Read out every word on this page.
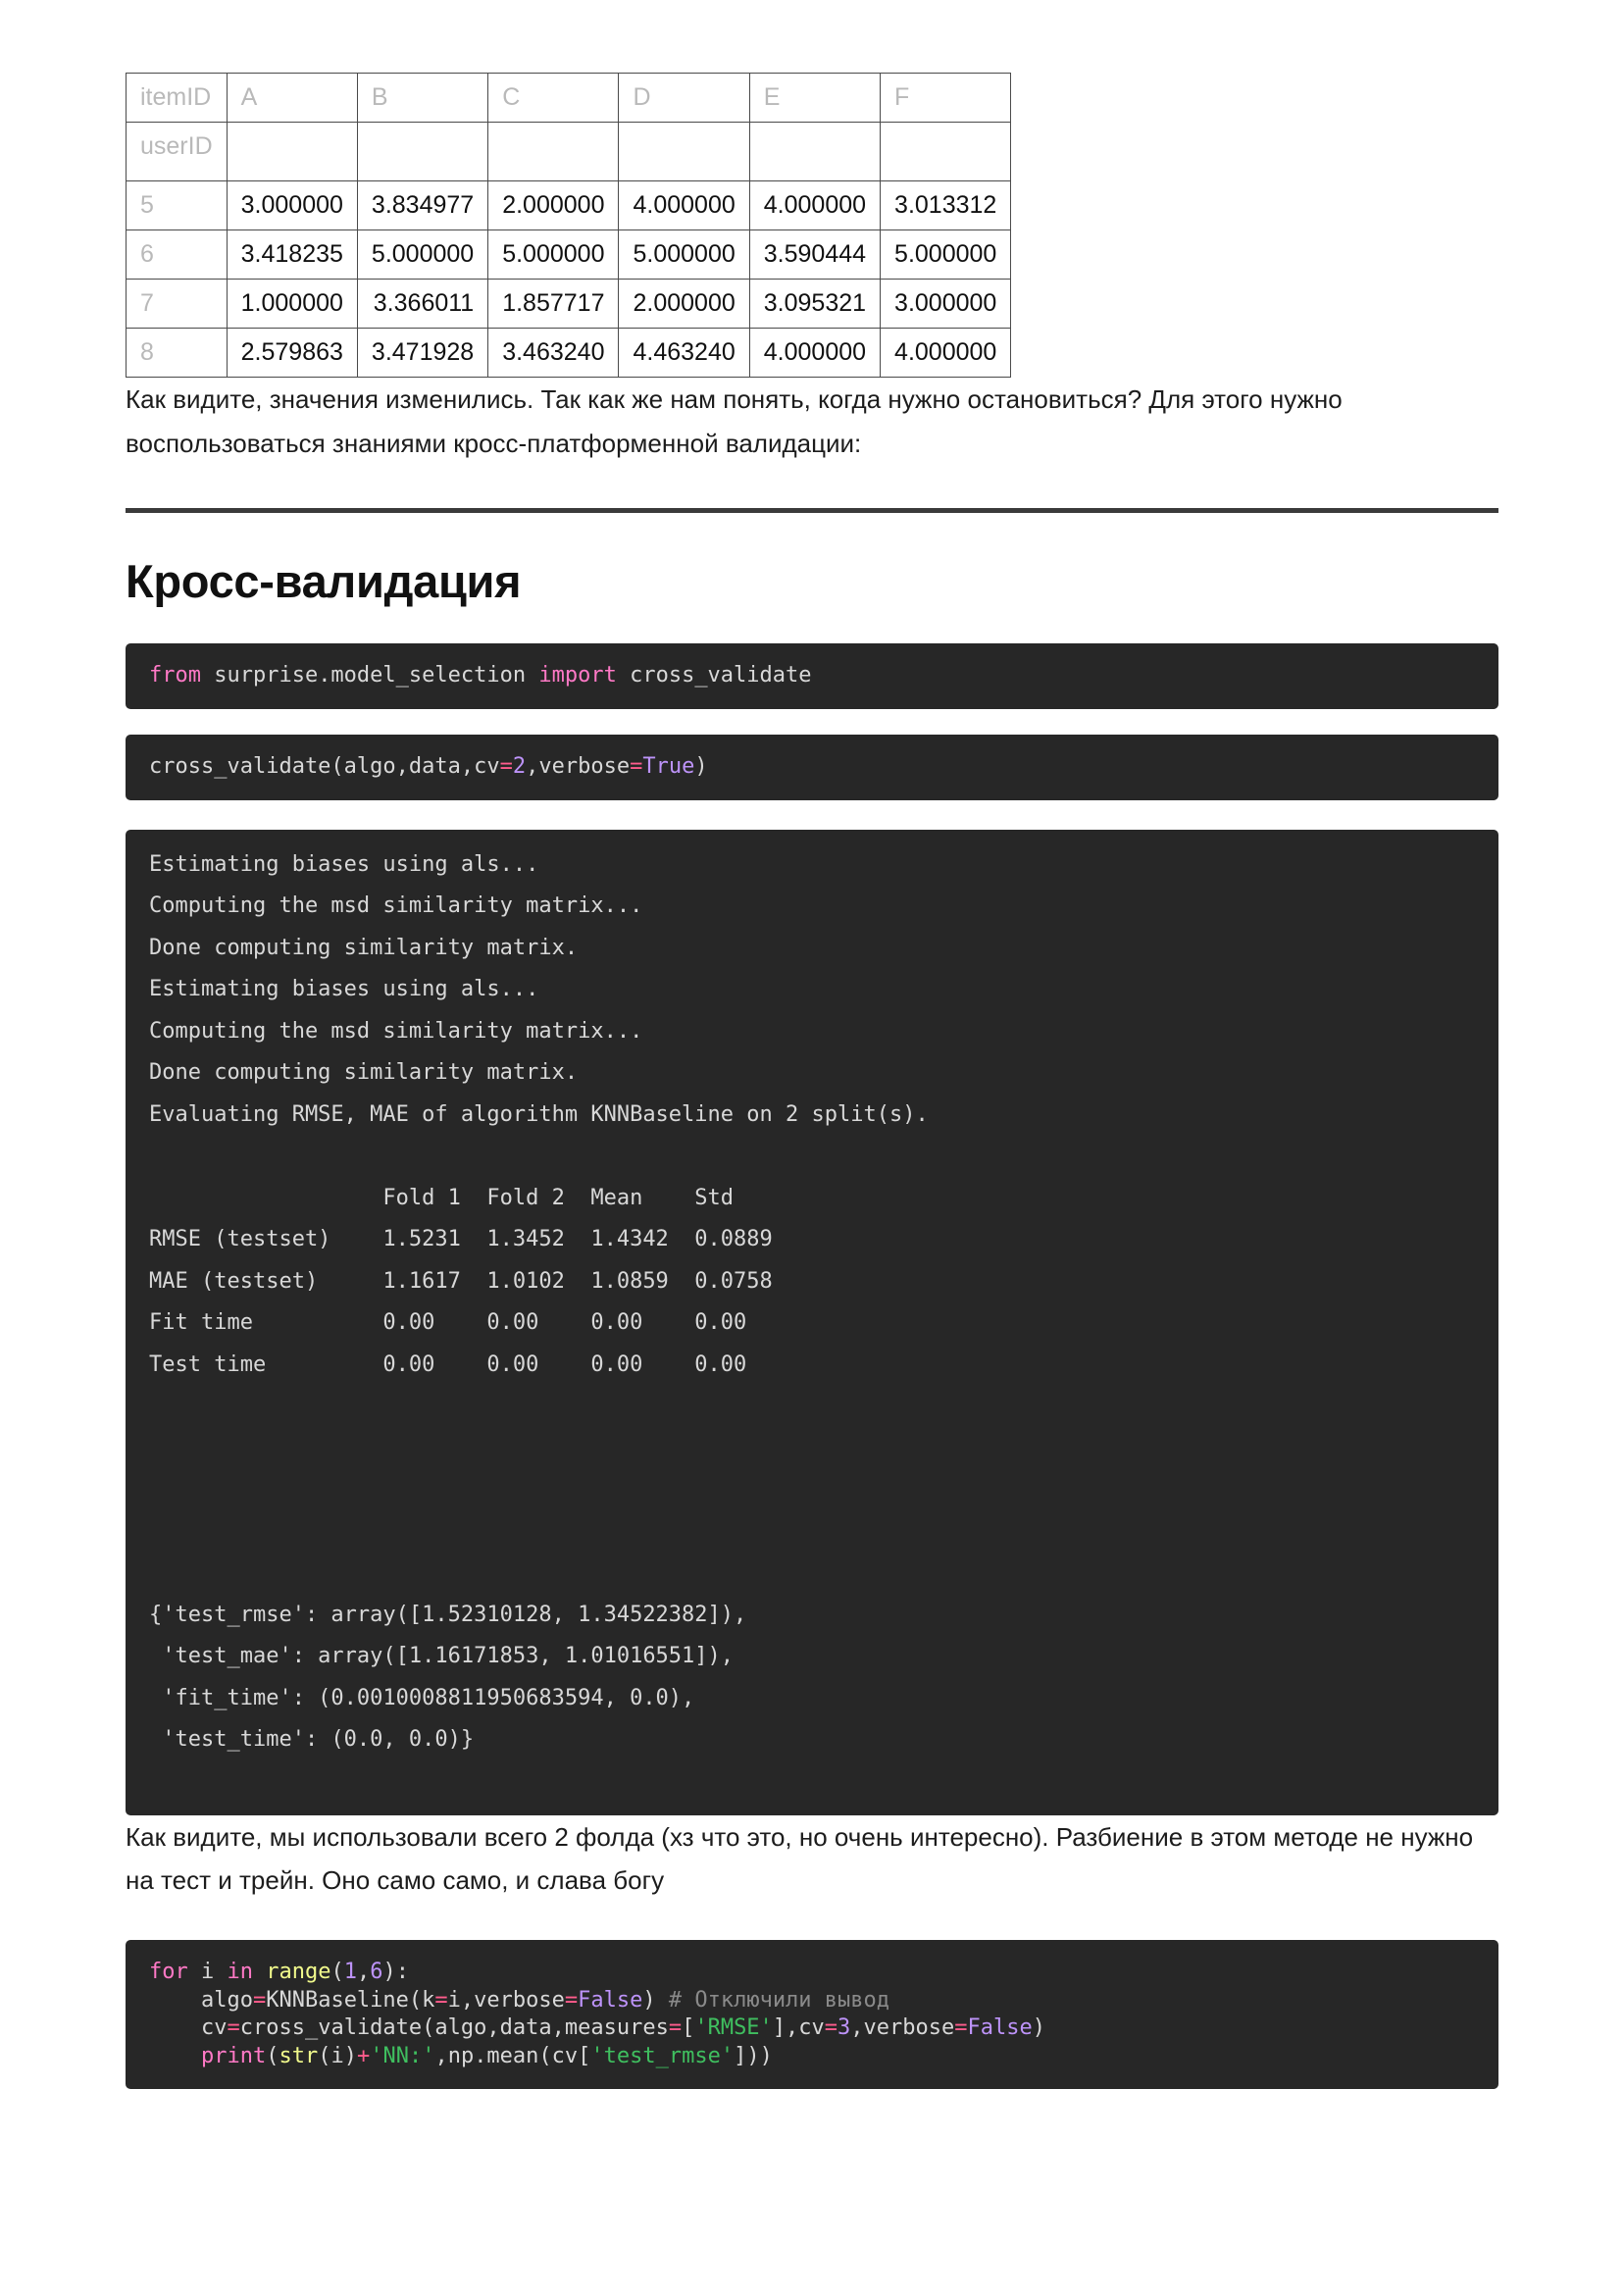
itemID	A	B	C	D	E	F
userID						
5	3.000000	3.834977	2.000000	4.000000	4.000000	3.013312
6	3.418235	5.000000	5.000000	5.000000	3.590444	5.000000
7	1.000000	3.366011	1.857717	2.000000	3.095321	3.000000
8	2.579863	3.471928	3.463240	4.463240	4.000000	4.000000

Как видите, значения изменились. Так как же нам понять, когда нужно остановиться? Для этого нужно воспользоваться знаниями кросс-платформенной валидации:

Кросс-валидация
from surprise.model_selection import cross_validate
cross_validate(algo,data,cv=2,verbose=True)
Estimating biases using als...
Computing the msd similarity matrix...
Done computing similarity matrix.
Estimating biases using als...
Computing the msd similarity matrix...
Done computing similarity matrix.
Evaluating RMSE, MAE of algorithm KNNBaseline on 2 split(s).
Fold 1  Fold 2  Mean    Std
RMSE (testset)    1.5231  1.3452  1.4342  0.0889
MAE (testset)     1.1617  1.0102  1.0859  0.0758
Fit time          0.00    0.00    0.00    0.00
Test time         0.00    0.00    0.00    0.00
{'test_rmse': array([1.52310128, 1.34522382]),
'test_mae': array([1.16171853, 1.01016551]),
'fit_time': (0.0010008811950683594, 0.0),
'test_time': (0.0, 0.0)}

Как видите, мы использовали всего 2 фолда (хз что это, но очень интересно). Разбиение в этом методе не нужно на тест и трейн. Оно само само, и слава богу

for i in range(1,6):
algo=KNNBaseline(k=i,verbose=False) # Отключили вывод
cv=cross_validate(algo,data,measures=['RMSE'],cv=3,verbose=False)
print(str(i)+'NN:',np.mean(cv['test_rmse']))
